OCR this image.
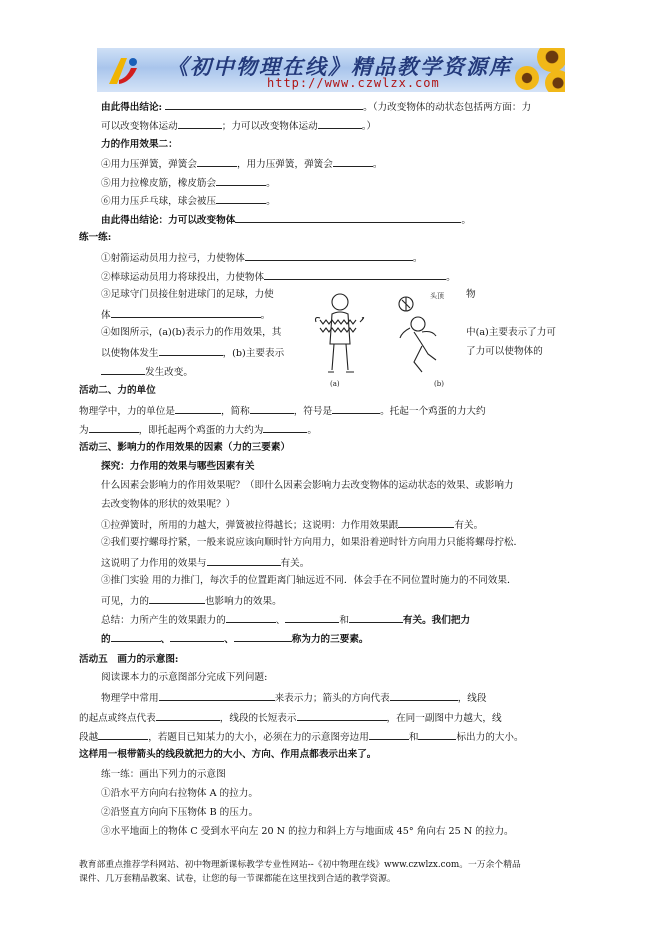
《初中物理在线》精品教学资源库
http://www.czwlzx.com
由此得出结论:	。（力改变物体的动状态包括两方面：力
可以改变物体运动	；力可以改变物体运动	。）
力的作用效果二：
④用力压弹簧，弹簧会	，用力压弹簧，弹簧会	。
⑤用力拉橡皮筋，橡皮筋会	。
⑥用力压乒乓球，球会被压	。
由此得出结论：力可以改变物体	。
练一练:
①射箭运动员用力拉弓，力使物体	。
②棒球运动员用力将球投出，力使物体	。
③足球守门员接住射进球门的足球，力使	物
体	。
④如图所示，(a)(b)表示力的作用效果，其	中(a)主要表示了力可
以使物体发生	，(b)主要表示	了力可以使物体的
发生改变。
头顶
(a)	(b)
活动二、力的单位
物理学中，力的单位是	，简称	，符号是	。托起一个鸡蛋的力大约
为	，即托起两个鸡蛋的力大约为	。
活动三、影响力的作用效果的因素（力的三要素）
探究：力作用的效果与哪些因素有关
什么因素会影响力的作用效果呢？（即什么因素会影响力去改变物体的运动状态的效果、或影响力
去改变物体的形状的效果呢？）
①拉弹簧时，所用的力越大，弹簧被拉得越长；这说明：力作用效果跟	有关。
②我们要拧螺母拧紧，一般来说应该向顺时针方向用力，如果沿着逆时针方向用力只能将螺母拧松．
这说明了力作用的效果与	有关。
③推门实验 用的力推门，每次手的位置距离门轴远近不同．体会手在不同位置时施力的不同效果．
可见，力的	也影响力的效果。
总结：力所产生的效果跟力的	、	和	有关。我们把力
的	、	、	称为力的三要素。
活动五　画力的示意图:
阅读课本力的示意图部分完成下列问题:
物理学中常用	来表示力；箭头的方向代表	，线段
的起点或终点代表	，线段的长短表示	，在同一副图中力越大，线
段越	，若题目已知某力的大小，必须在力的示意图旁边用	和	标出力的大小。
这样用一根带箭头的线段就把力的大小、方向、作用点都表示出来了。
练一练：画出下列力的示意图
①沿水平方向向右拉物体 A 的拉力。
②沿竖直方向向下压物体 B 的压力。
③水平地面上的物体 C 受到水平向左 20 N 的拉力和斜上方与地面成 45° 角向右 25 N 的拉力。
教育部重点推荐学科网站、初中物理新课标教学专业性网站--《初中物理在线》www.czwlzx.com。一万余个精品
课件、几万套精品教案、试卷，让您的每一节课都能在这里找到合适的教学资源。
